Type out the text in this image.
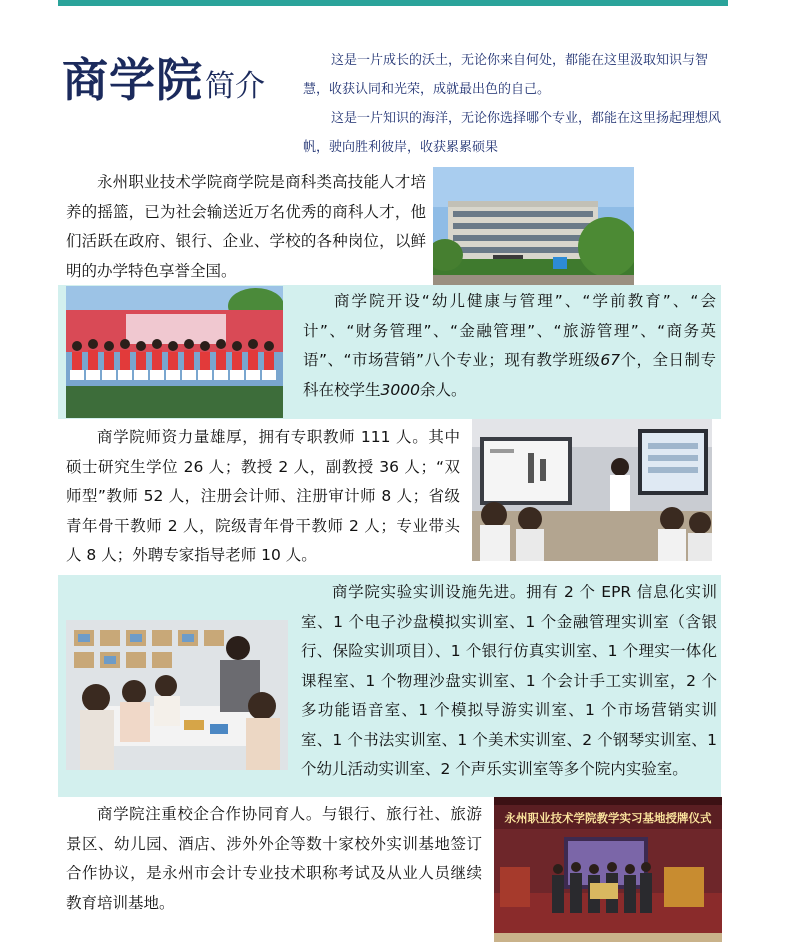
商学院简介

这是一片成长的沃土，无论你来自何处，都能在这里汲取知识与智慧，收获认同和光荣，成就最出色的自己。

这是一片知识的海洋，无论你选择哪个专业，都能在这里扬起理想风帆，驶向胜利彼岸，收获累累硕果

永州职业技术学院商学院是商科类高技能人才培养的摇篮，已为社会输送近万名优秀的商科人才，他们活跃在政府、银行、企业、学校的各种岗位，以鲜明的办学特色享誉全国。

商学院开设“幼儿健康与管理”、“学前教育”、“会计”、“财务管理”、“金融管理”、“旅游管理”、“商务英语”、“市场营销”八个专业；现有教学班级67个，全日制专科在校学生3000余人。

商学院师资力量雄厚，拥有专职教师 111 人。其中硕士研究生学位 26 人；教授 2 人，副教授 36 人；“双师型”教师 52 人，注册会计师、注册审计师 8 人；省级青年骨干教师 2 人，院级青年骨干教师 2 人；专业带头人 8 人；外聘专家指导老师 10 人。

商学院实验实训设施先进。拥有 2 个 EPR 信息化实训室、1 个电子沙盘模拟实训室、1 个金融管理实训室（含银行、保险实训项目）、1 个银行仿真实训室、1 个理实一体化课程室、1 个物理沙盘实训室、1 个会计手工实训室，2 个多功能语音室、1 个模拟导游实训室、1 个市场营销实训室、1 个书法实训室、1 个美术实训室、2 个钢琴实训室、1 个幼儿活动实训室、2 个声乐实训室等多个院内实验室。

商学院注重校企合作协同育人。与银行、旅行社、旅游景区、幼儿园、酒店、涉外外企等数十家校外实训基地签订合作协议，是永州市会计专业技术职称考试及从业人员继续教育培训基地。

永州职业技术学院教学实习基地授牌仪式
